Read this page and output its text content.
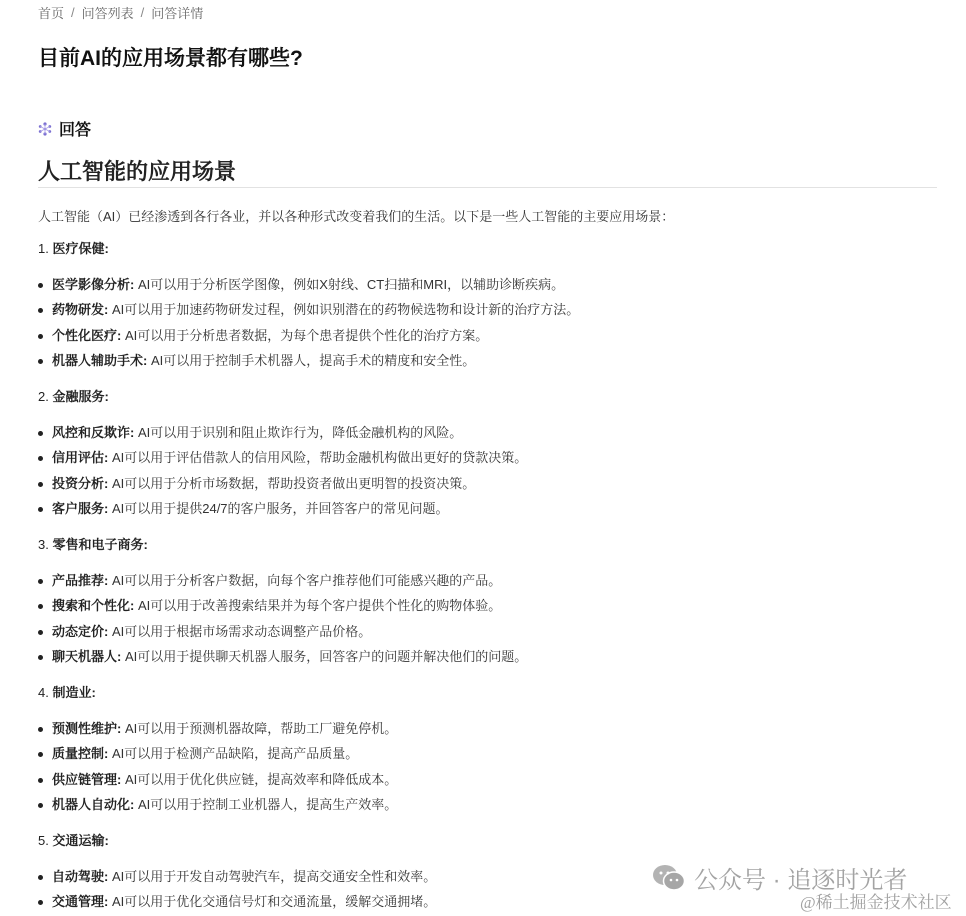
首页 / 问答列表 / 问答详情
目前AI的应用场景都有哪些?
回答
人工智能的应用场景

人工智能（AI）已经渗透到各行各业，并以各种形式改变着我们的生活。以下是一些人工智能的主要应用场景：

1. 医疗保健:
医学影像分析: AI可以用于分析医学图像，例如X射线、CT扫描和MRI，以辅助诊断疾病。
药物研发: AI可以用于加速药物研发过程，例如识别潜在的药物候选物和设计新的治疗方法。
个性化医疗: AI可以用于分析患者数据，为每个患者提供个性化的治疗方案。
机器人辅助手术: AI可以用于控制手术机器人，提高手术的精度和安全性。
2. 金融服务:
风控和反欺诈: AI可以用于识别和阻止欺诈行为，降低金融机构的风险。
信用评估: AI可以用于评估借款人的信用风险，帮助金融机构做出更好的贷款决策。
投资分析: AI可以用于分析市场数据，帮助投资者做出更明智的投资决策。
客户服务: AI可以用于提供24/7的客户服务，并回答客户的常见问题。
3. 零售和电子商务:
产品推荐: AI可以用于分析客户数据，向每个客户推荐他们可能感兴趣的产品。
搜索和个性化: AI可以用于改善搜索结果并为每个客户提供个性化的购物体验。
动态定价: AI可以用于根据市场需求动态调整产品价格。
聊天机器人: AI可以用于提供聊天机器人服务，回答客户的问题并解决他们的问题。
4. 制造业:
预测性维护: AI可以用于预测机器故障，帮助工厂避免停机。
质量控制: AI可以用于检测产品缺陷，提高产品质量。
供应链管理: AI可以用于优化供应链，提高效率和降低成本。
机器人自动化: AI可以用于控制工业机器人，提高生产效率。
5. 交通运输:
自动驾驶: AI可以用于开发自动驾驶汽车，提高交通安全性和效率。
交通管理: AI可以用于优化交通信号灯和交通流量，缓解交通拥堵。
公众号 · 追逐时光者
@稀土掘金技术社区
